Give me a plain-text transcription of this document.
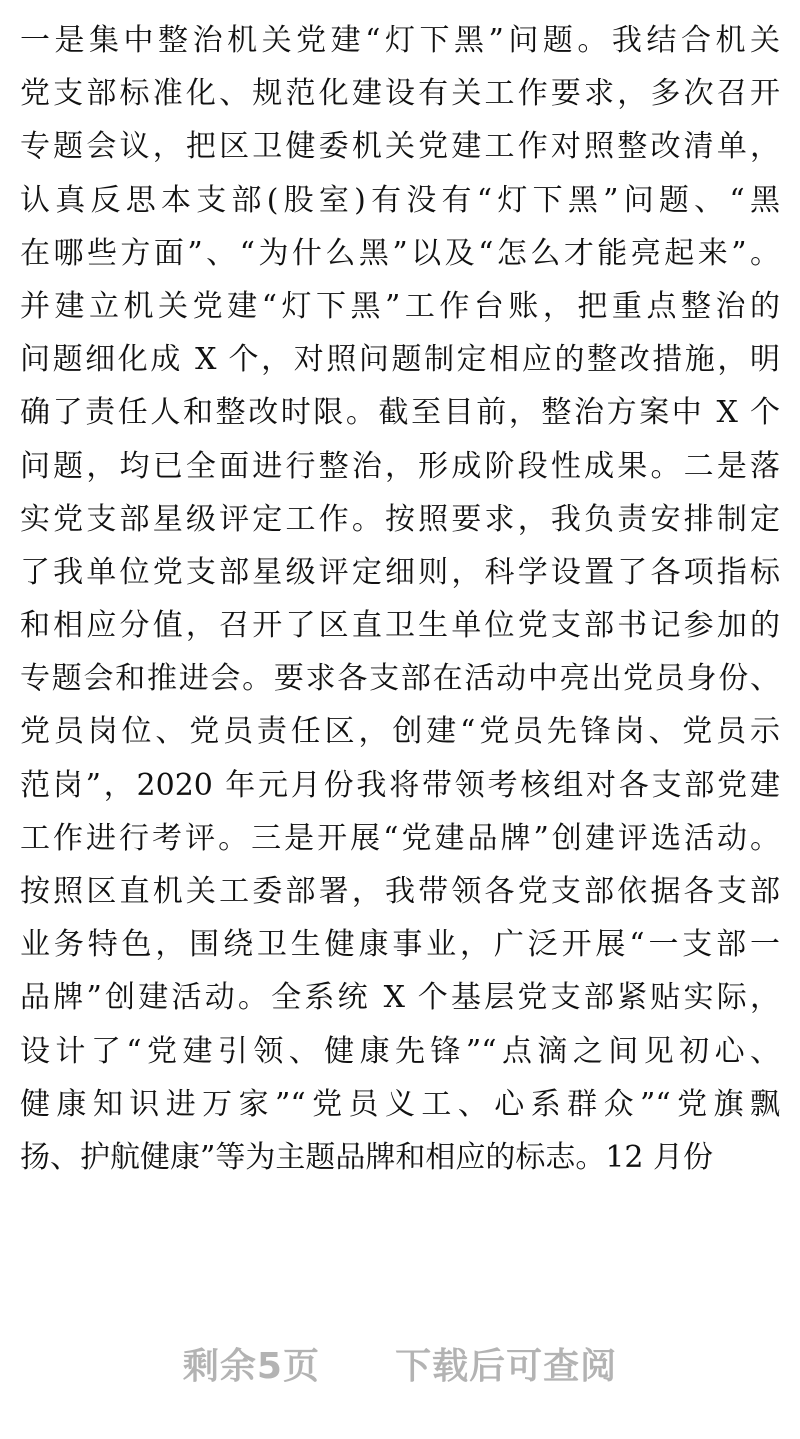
一是集中整治机关党建“灯下黑”问题。我结合机关
党支部标准化、规范化建设有关工作要求，多次召开
专题会议，把区卫健委机关党建工作对照整改清单，
认真反思本支部(股室)有没有“灯下黑”问题、“黑
在哪些方面”、“为什么黑”以及“怎么才能亮起来”。
并建立机关党建“灯下黑”工作台账，把重点整治的
问题细化成 X 个，对照问题制定相应的整改措施，明
确了责任人和整改时限。截至目前，整治方案中 X 个
问题，均已全面进行整治，形成阶段性成果。二是落
实党支部星级评定工作。按照要求，我负责安排制定
了我单位党支部星级评定细则，科学设置了各项指标
和相应分值，召开了区直卫生单位党支部书记参加的
专题会和推进会。要求各支部在活动中亮出党员身份、
党员岗位、党员责任区，创建“党员先锋岗、党员示
范岗”，2020 年元月份我将带领考核组对各支部党建
工作进行考评。三是开展“党建品牌”创建评选活动。
按照区直机关工委部署，我带领各党支部依据各支部
业务特色，围绕卫生健康事业，广泛开展“一支部一
品牌”创建活动。全系统 X 个基层党支部紧贴实际，
设计了“党建引领、健康先锋”“点滴之间见初心、
健康知识进万家”“党员义工、心系群众”“党旗飘
扬、护航健康”等为主题品牌和相应的标志。12 月份
剩余5页 下载后可查阅
